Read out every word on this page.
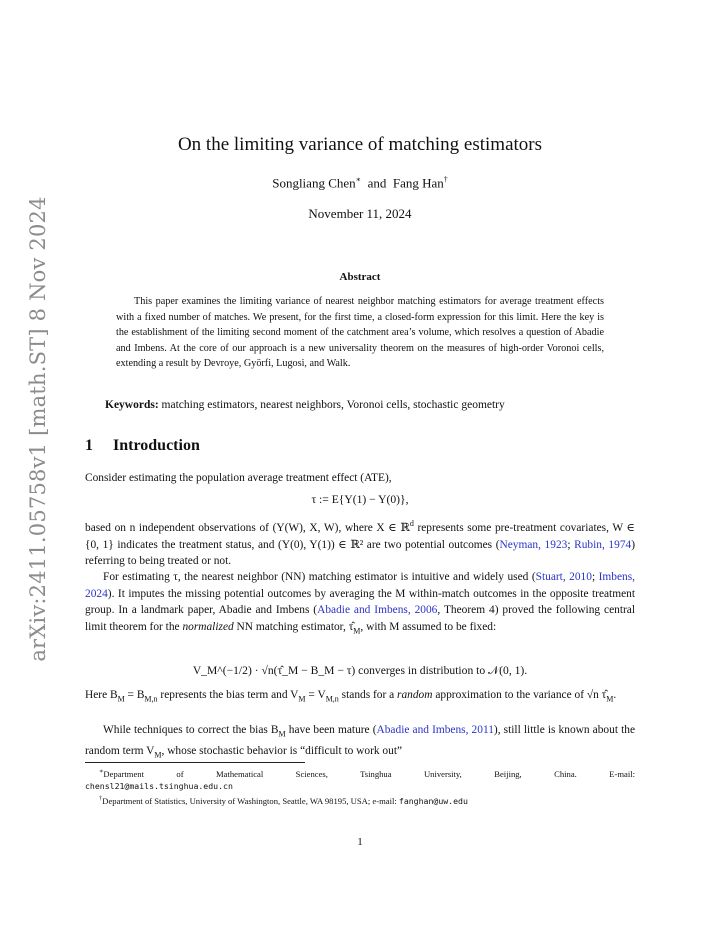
arXiv:2411.05758v1 [math.ST] 8 Nov 2024
On the limiting variance of matching estimators
Songliang Chen∗ and Fang Han†
November 11, 2024
Abstract
This paper examines the limiting variance of nearest neighbor matching estimators for average treatment effects with a fixed number of matches. We present, for the first time, a closed-form expression for this limit. Here the key is the establishment of the limiting second moment of the catchment area’s volume, which resolves a question of Abadie and Imbens. At the core of our approach is a new universality theorem on the measures of high-order Voronoi cells, extending a result by Devroye, Györfi, Lugosi, and Walk.
Keywords: matching estimators, nearest neighbors, Voronoi cells, stochastic geometry
1 Introduction
Consider estimating the population average treatment effect (ATE),
τ := E{Y(1) − Y(0)},
based on n independent observations of (Y(W), X, W), where X ∈ ℝ$^d$ represents some pre-treatment covariates, W ∈ {0, 1} indicates the treatment status, and (Y(0), Y(1)) ∈ ℝ² are two potential outcomes (Neyman, 1923; Rubin, 1974) referring to being treated or not.
For estimating τ, the nearest neighbor (NN) matching estimator is intuitive and widely used (Stuart, 2010; Imbens, 2024). It imputes the missing potential outcomes by averaging the M within-match outcomes in the opposite treatment group. In a landmark paper, Abadie and Imbens (Abadie and Imbens, 2006, Theorem 4) proved the following central limit theorem for the normalized NN matching estimator, $\taû_M$, with M assumed to be fixed:
V_M^(−1/2) · √n(τ̂_M − B_M − τ) converges in distribution to 𝒩(0, 1).
Here $B_M = B_{M,n}$ represents the bias term and $V_M = V_{M,n}$ stands for a random approximation to the variance of √n $\taû_M$.
While techniques to correct the bias $B_M$ have been mature (Abadie and Imbens, 2011), still little is known about the random term $V_M$, whose stochastic behavior is “difficult to work out”
∗Department of Mathematical Sciences, Tsinghua University, Beijing, China. E-mail:
chensl21@mails.tsinghua.edu.cn
†Department of Statistics, University of Washington, Seattle, WA 98195, USA; e-mail: fanghan@uw.edu
1
